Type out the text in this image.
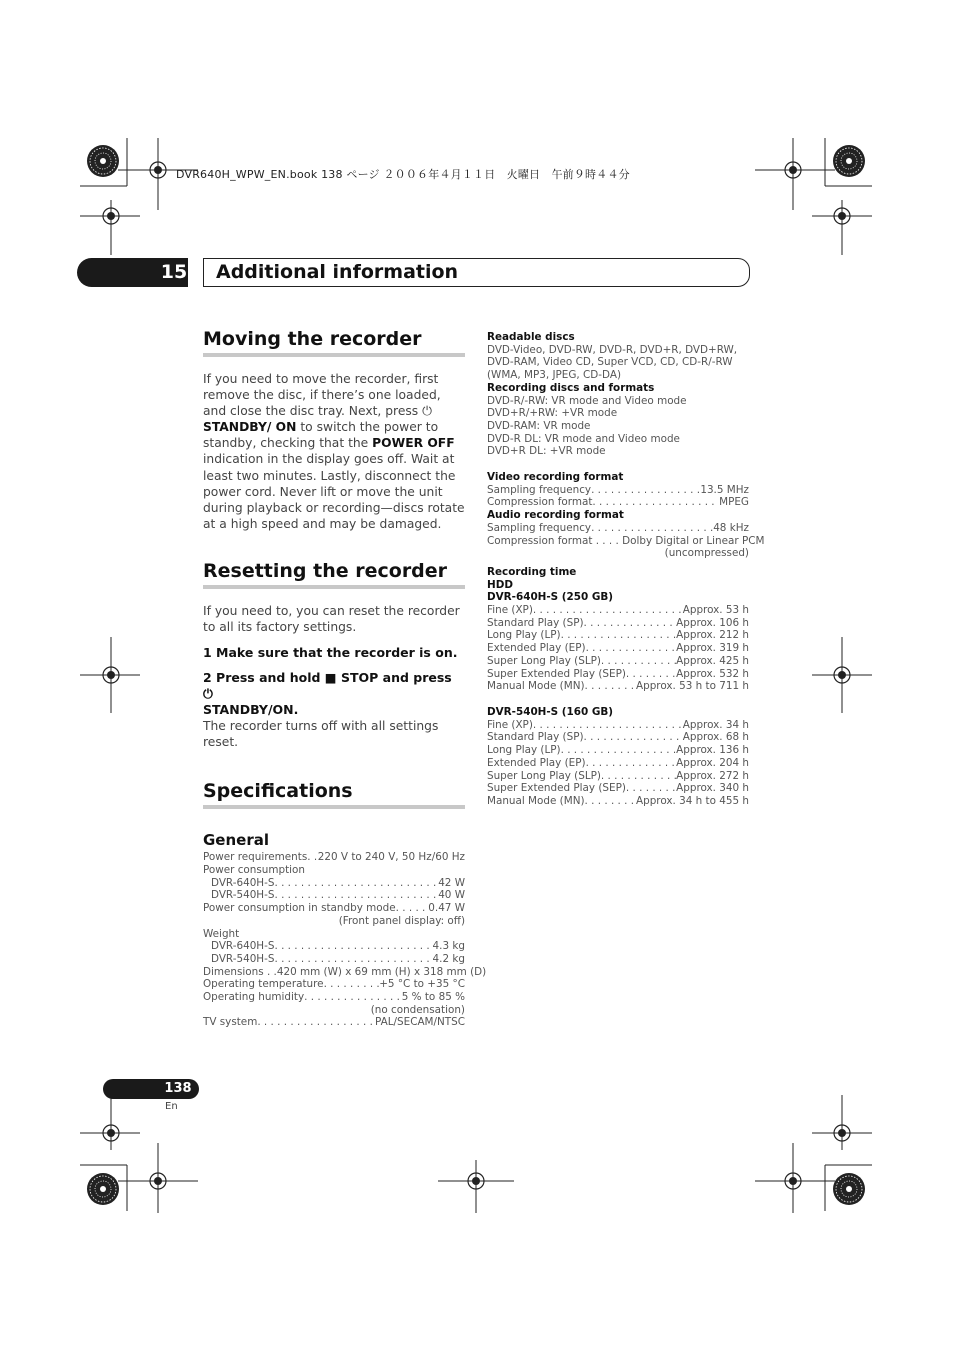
DVR640H_WPW_EN.book 138 ページ ２００６年４月１１日　火曜日　午前９時４４分
15 Additional information
Moving the recorder
If you need to move the recorder, first remove the disc, if there’s one loaded, and close the disc tray. Next, press ⏻ STANDBY/ ON to switch the power to standby, checking that the POWER OFF indication in the display goes off. Wait at least two minutes. Lastly, disconnect the power cord. Never lift or move the unit during playback or recording—discs rotate at a high speed and may be damaged.
Resetting the recorder
If you need to, you can reset the recorder to all its factory settings.
1 Make sure that the recorder is on.
2 Press and hold ■ STOP and press ⏻
STANDBY/ON.
The recorder turns off with all settings reset.
Specifications
General
Power requirements . . . 220 V to 240 V, 50 Hz/60 Hz
Power consumption
DVR-640H-S . . .	42 W
DVR-540H-S . . .	40 W
Power consumption in standby mode . . .	0.47 W
(Front panel display: off)
Weight
DVR-640H-S . . .	4.3 kg
DVR-540H-S . . .	4.2 kg
Dimensions . .420 mm (W) x 69 mm (H) x 318 mm (D)
Operating temperature . . .	+5 °C to +35 °C
Operating humidity . . .	5 % to 85 %
(no condensation)
TV system . . .	PAL/SECAM/NTSC
Readable discs
DVD-Video, DVD-RW, DVD-R, DVD+R, DVD+RW,
DVD-RAM, Video CD, Super VCD, CD, CD-R/-RW
(WMA, MP3, JPEG, CD-DA)
Recording discs and formats
DVD-R/-RW: VR mode and Video mode
DVD+R/+RW: +VR mode
DVD-RAM: VR mode
DVD-R DL: VR mode and Video mode
DVD+R DL: +VR mode
Video recording format
Sampling frequency . . .	13.5 MHz
Compression format . . .	MPEG
Audio recording format
Sampling frequency . . .	48 kHz
Compression format . . . . Dolby Digital or Linear PCM
(uncompressed)
Recording time
HDD
DVR-640H-S (250 GB)
Fine (XP) . . .	Approx. 53 h
Standard Play (SP) . . .	Approx. 106 h
Long Play (LP) . . .	Approx. 212 h
Extended Play (EP) . . .	Approx. 319 h
Super Long Play (SLP) . . .	Approx. 425 h
Super Extended Play (SEP) . . .	Approx. 532 h
Manual Mode (MN) . . .	Approx. 53 h to 711 h
DVR-540H-S (160 GB)
Fine (XP) . . .	Approx. 34 h
Standard Play (SP) . . .	Approx. 68 h
Long Play (LP) . . .	Approx. 136 h
Extended Play (EP) . . .	Approx. 204 h
Super Long Play (SLP) . . .	Approx. 272 h
Super Extended Play (SEP) . . .	Approx. 340 h
Manual Mode (MN) . . .	Approx. 34 h to 455 h
138
En
